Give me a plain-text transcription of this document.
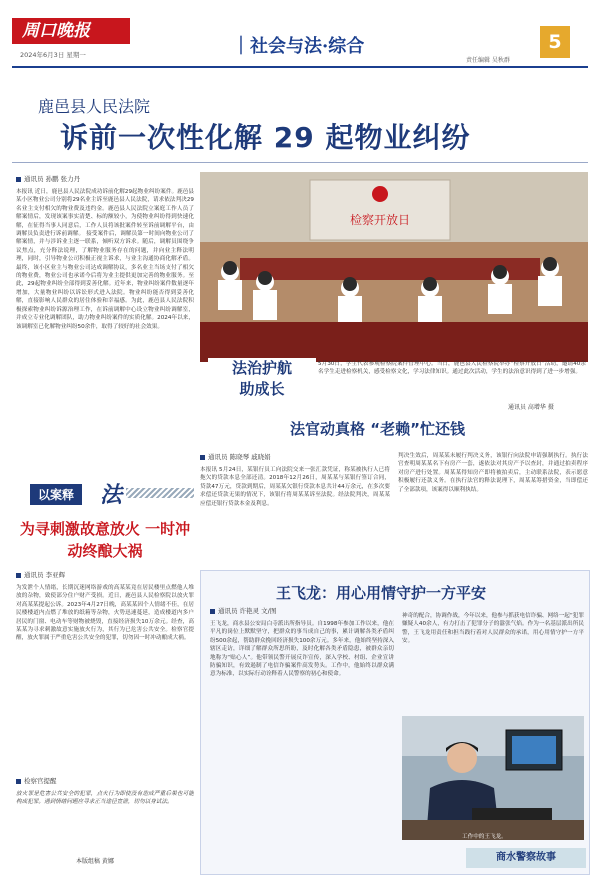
周口晚报
2024年6月3日 星期一	｜社会与法·综合
责任编辑 吴秋群
5
鹿邑县人民法院
诉前一次性化解 29 起物业纠纷
通讯员 孙鹏 张力丹
本报讯 近日，鹿邑县人民法院成功诉前化解29起物业纠纷案件。鹿邑县某小区物业公司分别将29名业主诉至鹿邑县人民法院，请求依法判决29名业主支付相欠的物业费及违约金。鹿邑县人民法院立案庭工作人员了解案情后，发现该案事实清楚、标的额较小，为使物业纠纷得到快速化解，在征得当事人同意后，工作人员将该批案件转至诉前调解平台，由调解员负责进行诉前调解。 接受案件后，调解员第一时间向物业公司了解案情，并与涉诉业主逐一联系，倾听双方诉求。随后，调解员围绕争议焦点，充分释法说理，了解物业服务存在的问题，并向业主释法明理，同时，引导物业公司积极正视主诉求，与业主沟通协商化解矛盾。最终，该小区业主与物业公司达成调解协议，多名业主当场支付了相欠的物业费，物业公司也承诺今后将为业主提供更加完善的物业服务。至此，29起物业纠纷全部得到妥善化解。近年来，物业纠纷案件数量逐年增加，大量物业纠纷以诉讼形式进入法院。物业纠纷能否得到妥善化解，直接影响人民群众的居住体验和幸福感。为此，鹿邑县人民法院积极探索物业纠纷诉源治理工作，在诉前调解中心设立物业纠纷调解室，并成立专业化调解团队，助力物业纠纷案件的实质化解。2024年以来，该调解室已化解物业纠纷50余件，取得了较好的社会效果。
检察开放日
法治护航
助成长
5月30日，学生代表参观检察院案件管理中心。当日，鹿邑县人民检察院举办“检察开放日”活动，邀请40余名学生走进检察机关，感受检察文化，学习法律知识。通过此次活动，学生的法治意识得到了进一步增强。
通讯员 高增华 摄
法官动真格 “老赖”忙还钱
通讯员 陈晓琴 戚晓娟
本报讯 5月24日，某银行员工向法院交来一张汇款凭证，称某被执行人已将拖欠的贷款本息全部还清。2018年12月26日，周某某与某银行签订合同，贷款47万元，贷款到期后，周某某欠银行贷款本息共计44万余元，在多次要求偿还贷款无果的情况下，该银行将周某某诉至法院。经法院判决，周某某应偿还银行贷款本金及利息。
判决生效后，周某某未履行判决义务，该银行向法院申请强制执行。执行法官查明周某某名下有房产一套，遂依法对其房产予以查封，并通过拍卖程序对房产进行处置。周某某得知房产即将被拍卖后，主动联系法院，表示愿意积极履行还款义务。在执行法官的释法说理下，周某某筹措资金，当即偿还了全部款项，该案得以顺利执结。
以案释	法
为寻刺激故意放火 一时冲动终酿大祸
通讯员 李亚辉
为发泄个人情绪，长期沉迷网络游戏的高某某竟在居民楼里点燃他人堆放的杂物，致使部分住户财产受损。近日，鹿邑县人民检察院以放火罪对高某某提起公诉。2023年4月27日晚，高某某因个人情绪不佳，在居民楼楼道内点燃了堆放的纸箱等杂物，火势迅速蔓延，造成楼道内多户居民的门窗、电动车等财物被烧毁，直接经济损失10万余元。经查，高某某为寻求刺激故意实施放火行为，其行为已危害公共安全。检察官提醒，放火罪属于严重危害公共安全的犯罪，切勿因一时冲动酿成大祸。
检察官提醒
放火罪是危害公共安全的犯罪，点火行为即使没有造成严重后果也可能构成犯罪。遇到情绪问题应寻求正当途径宣泄，切勿以身试法。
本版组稿 黄娜
王飞龙：用心用情守护一方平安
通讯员 许艳灵 文/图
王飞龙，商水县公安局白寺派出所指导员。自1998年参加工作以来，他在平凡的岗位上默默坚守，把群众的事当成自己的事，累计调解各类矛盾纠纷500余起，帮助群众挽回经济损失100余万元。多年来，他始终坚持深入辖区走访，详细了解群众所思所盼，及时化解各类矛盾隐患，被群众亲切地称为“贴心人”。他带领民警开展反诈宣传，深入学校、村组、企业宣讲防骗知识，有效遏制了电信诈骗案件高发势头。工作中，他始终以群众满意为标准，以实际行动诠释着人民警察的初心和使命。
神奇的配合，协调作战，今年以来，他参与抓获电信诈骗、网络一起“犯罪嫌疑人40余人，有力打击了犯罪分子的嚣张气焰。作为一名基层派出所民警，王飞龙用责任和担当践行着对人民群众的承诺，用心用情守护一方平安。
工作中的王飞龙。
商水警察故事
